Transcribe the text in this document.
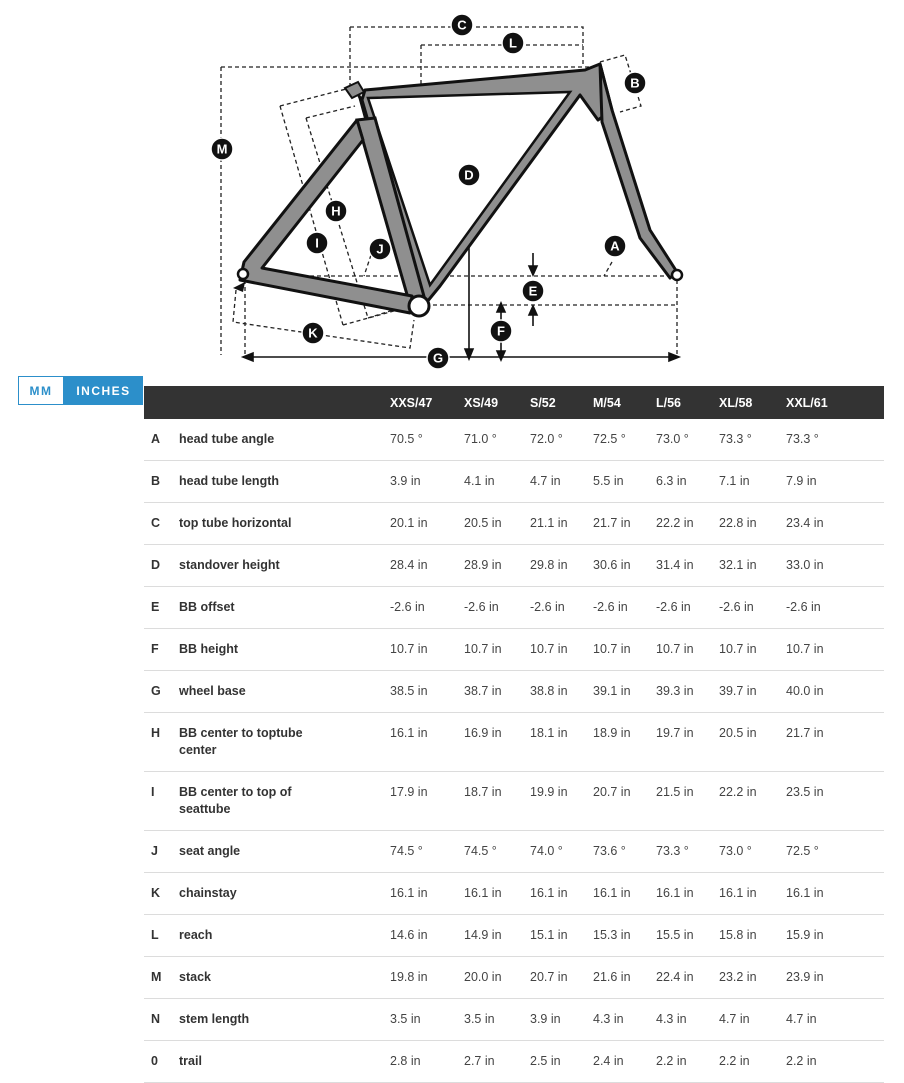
A
B
C
D
E
F
G
H
I	J
K
L
M
MM	INCHES
		XXS/47	XS/49	S/52	M/54	L/56	XL/58	XXL/61
A	head tube angle	70.5 °	71.0 °	72.0 °	72.5 °	73.0 °	73.3 °	73.3 °
B	head tube length	3.9 in	4.1 in	4.7 in	5.5 in	6.3 in	7.1 in	7.9 in
C	top tube horizontal	20.1 in	20.5 in	21.1 in	21.7 in	22.2 in	22.8 in	23.4 in
D	standover height	28.4 in	28.9 in	29.8 in	30.6 in	31.4 in	32.1 in	33.0 in
E	BB offset	-2.6 in	-2.6 in	-2.6 in	-2.6 in	-2.6 in	-2.6 in	-2.6 in
F	BB height	10.7 in	10.7 in	10.7 in	10.7 in	10.7 in	10.7 in	10.7 in
G	wheel base	38.5 in	38.7 in	38.8 in	39.1 in	39.3 in	39.7 in	40.0 in
H	BB center to toptube center	16.1 in	16.9 in	18.1 in	18.9 in	19.7 in	20.5 in	21.7 in
I	BB center to top of seattube	17.9 in	18.7 in	19.9 in	20.7 in	21.5 in	22.2 in	23.5 in
J	seat angle	74.5 °	74.5 °	74.0 °	73.6 °	73.3 °	73.0 °	72.5 °
K	chainstay	16.1 in	16.1 in	16.1 in	16.1 in	16.1 in	16.1 in	16.1 in
L	reach	14.6 in	14.9 in	15.1 in	15.3 in	15.5 in	15.8 in	15.9 in
M	stack	19.8 in	20.0 in	20.7 in	21.6 in	22.4 in	23.2 in	23.9 in
N	stem length	3.5 in	3.5 in	3.9 in	4.3 in	4.3 in	4.7 in	4.7 in
0	trail	2.8 in	2.7 in	2.5 in	2.4 in	2.2 in	2.2 in	2.2 in
